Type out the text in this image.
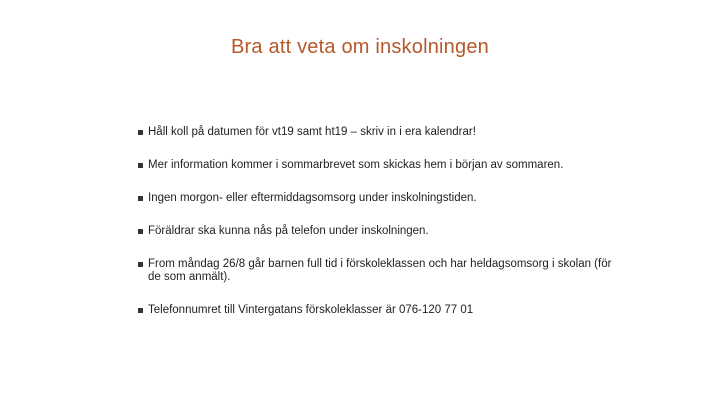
Bra att veta om inskolningen
Håll koll på datumen för vt19 samt ht19 – skriv in i era kalendrar!
Mer information kommer i sommarbrevet som skickas hem i början av sommaren.
Ingen morgon- eller eftermiddagsomsorg under inskolningstiden.
Föräldrar ska kunna nås på telefon under inskolningen.
From måndag 26/8 går barnen full tid i förskoleklassen och har heldagsomsorg i skolan (för de som anmält).
Telefonnumret till Vintergatans förskoleklasser är 076-120 77 01
